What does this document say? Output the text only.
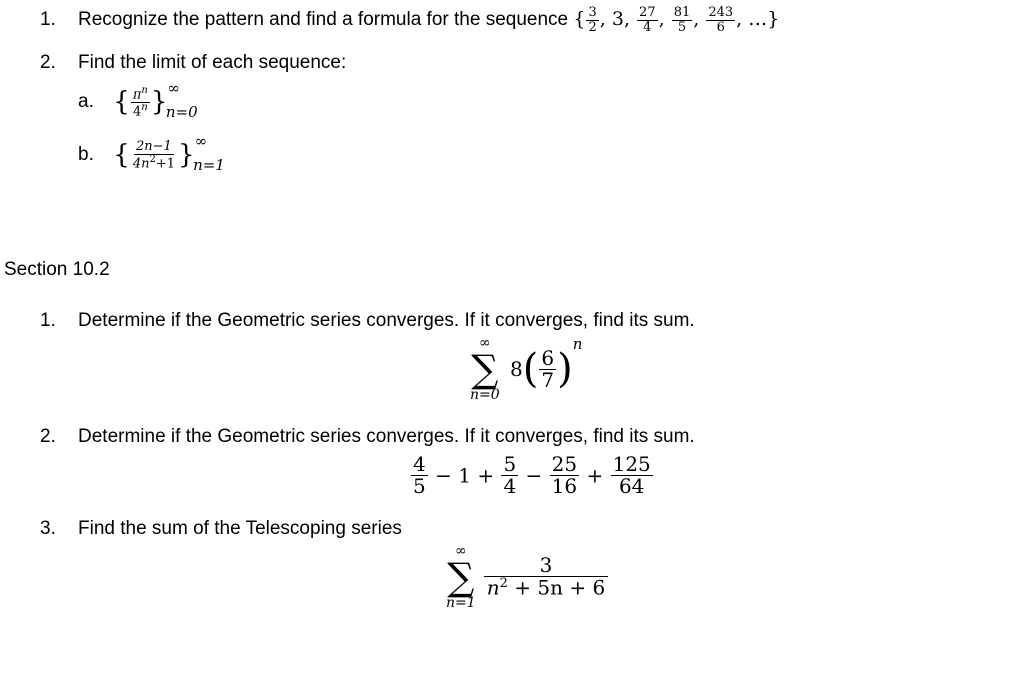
1. Recognize the pattern and find a formula for the sequence { $\frac{3}{2}$ , 3, $\frac{27}{4}$ , $\frac{81}{5}$ , $\frac{243}{6}$ , …}
2. Find the limit of each sequence:
a. { $\frac{\pi^n}{4^n} \}^\infty_{n=0}$
b. { $\frac{2n-1}{4n^2+1} \}^\infty_{n=1}$
Section 10.2
1. Determine if the Geometric series converges. If it converges, find its sum.
∞
∑
n=0
$8( \frac{6}{7} )^n$
2. Determine if the Geometric series converges. If it converges, find its sum.
$\frac{4}{5} - 1 + \frac{5}{4} - \frac{25}{16} + \frac{125}{64}$
3. Find the sum of the Telescoping series
∞
∑
n=1

$\frac{3}{n^2 + 5n + 6}$
